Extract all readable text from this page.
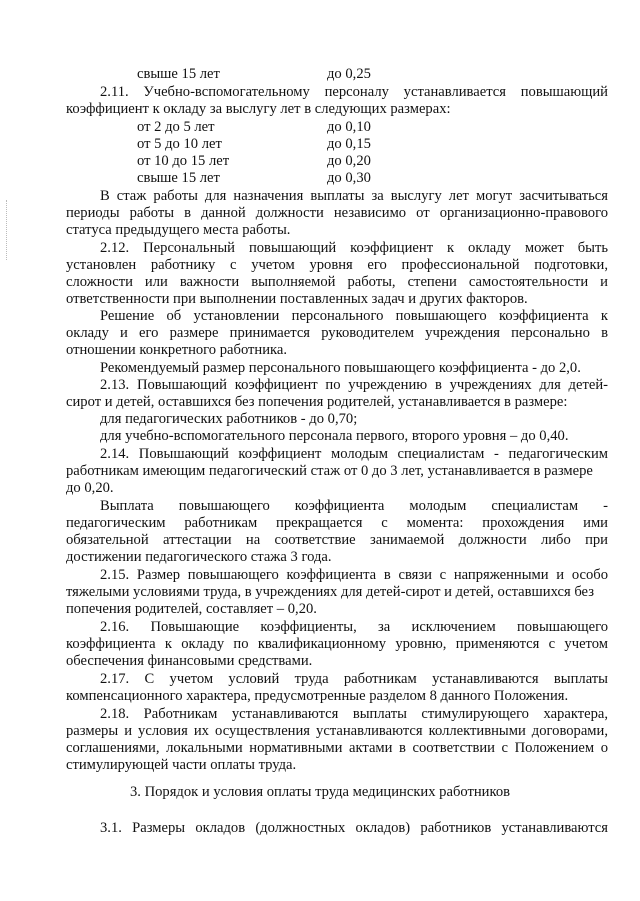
свыше 15 лет	до 0,25
2.11. Учебно-вспомогательному персоналу устанавливается повышающий
коэффициент к окладу за выслугу лет в следующих размерах:
от 2 до 5 лет	до 0,10
от 5 до 10 лет	до 0,15
от 10 до 15 лет	до 0,20
свыше 15 лет	до 0,30
В стаж работы для назначения выплаты за выслугу лет могут засчитываться
периоды работы в данной должности независимо от организационно-правового
статуса предыдущего места работы.
2.12. Персональный повышающий коэффициент к окладу может быть
установлен работнику с учетом уровня его профессиональной подготовки,
сложности или важности выполняемой работы, степени самостоятельности и
ответственности при выполнении поставленных задач и других факторов.
Решение об установлении персонального повышающего коэффициента к
окладу и его размере принимается руководителем учреждения персонально в
отношении конкретного работника.
Рекомендуемый размер персонального повышающего коэффициента - до 2,0.
2.13. Повышающий коэффициент по учреждению в учреждениях для детей-
сирот и детей, оставшихся без попечения родителей, устанавливается в размере:
для педагогических работников - до 0,70;
для учебно-вспомогательного персонала первого, второго уровня – до 0,40.
2.14. Повышающий коэффициент молодым специалистам - педагогическим
работникам имеющим педагогический стаж от 0 до 3 лет, устанавливается в размере
до 0,20.
Выплата повышающего коэффициента молодым специалистам -
педагогическим работникам прекращается с момента: прохождения ими
обязательной аттестации на соответствие занимаемой должности либо при
достижении педагогического стажа 3 года.
2.15. Размер повышающего коэффициента в связи с напряженными и особо
тяжелыми условиями труда, в учреждениях для детей-сирот и детей, оставшихся без
попечения родителей, составляет – 0,20.
2.16. Повышающие коэффициенты, за исключением повышающего
коэффициента к окладу по квалификационному уровню, применяются с учетом
обеспечения финансовыми средствами.
2.17. С учетом условий труда работникам устанавливаются выплаты
компенсационного характера, предусмотренные разделом 8 данного Положения.
2.18. Работникам устанавливаются выплаты стимулирующего характера,
размеры и условия их осуществления устанавливаются коллективными договорами,
соглашениями, локальными нормативными актами в соответствии с Положением о
стимулирующей части оплаты труда.
3. Порядок и условия оплаты труда медицинских работников
3.1. Размеры окладов (должностных окладов) работников устанавливаются
